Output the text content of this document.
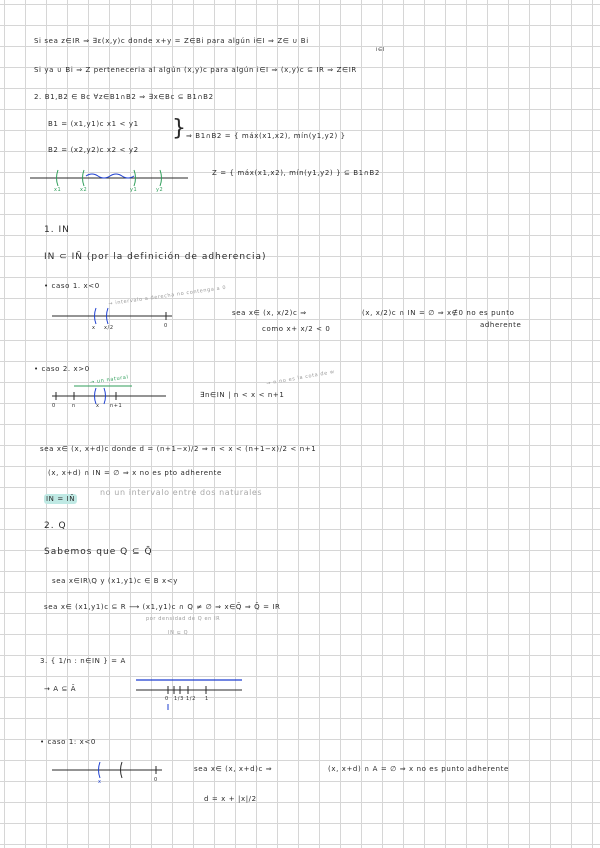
Si sea z∈IR ⇒ ∃ε(x,y)c donde x+y = Z∈Bi para algún i∈I ⇒ Z∈ ∪ Bi
i∈I
Si ya ∪ Bi ⇒ Z perteneceria al algún (x,y)c para algún i∈I ⇒ (x,y)c ⊆ IR ⇒ Z∈IR
2. B1,B2 ∈ Bc ∀z∈B1∩B2 ⇒ ∃x∈Bc ⊆ B1∩B2
B1 = (x1,y1)c x1 < y1
B2 = (x2,y2)c x2 < y2
} ⇒ B1∩B2 = { máx(x1,x2), mín(y1,y2) }
Z = { máx(x1,x2), mín(y1,y2) } ⊆ B1∩B2
x1	x2	y1	y2
1. IN
IN ⊂ IN̄ (por la definición de adherencia)
• caso 1. x<0 → intervalo a derecha no contenga a 0
x x/2	0
sea x∈ (x, x/2)c ⇒
como x+ x/2 < 0
(x, x/2)c ∩ IN = ∅ ⇒ x∉0 no es punto
adherente
• caso 2. x>0
→ un natural
0	n	x n+1
∃n∈IN | n < x < n+1
→ n no es la cota de w
sea x∈ (x, x+d)c donde d = (n+1−x)/2 ⇒ n < x < (n+1−x)/2 < n+1
(x, x+d) ∩ IN = ∅ ⇒ x no es pto adherente
IN = IN̄
no un intervalo entre dos naturales
2. Q
Sabemos que Q ⊆ Q̄
sea x∈IR\Q y (x1,y1)c ∈ B x<y
sea x∈ (x1,y1)c ⊆ R ⟶ (x1,y1)c ∩ Q ≠ ∅ ⇒ x∈Q̄ ⇒ Q̄ = IR
por densidad de Q en IR
IN ⊆ Q
3. { 1/n : n∈IN } = A
→ A ⊆ Ā
0 1/3 1/2 1
• caso 1: x<0
x	0
sea x∈ (x, x+d)c ⇒	(x, x+d) ∩ A = ∅ ⇒ x no es punto adherente
d = x + |x|/2
